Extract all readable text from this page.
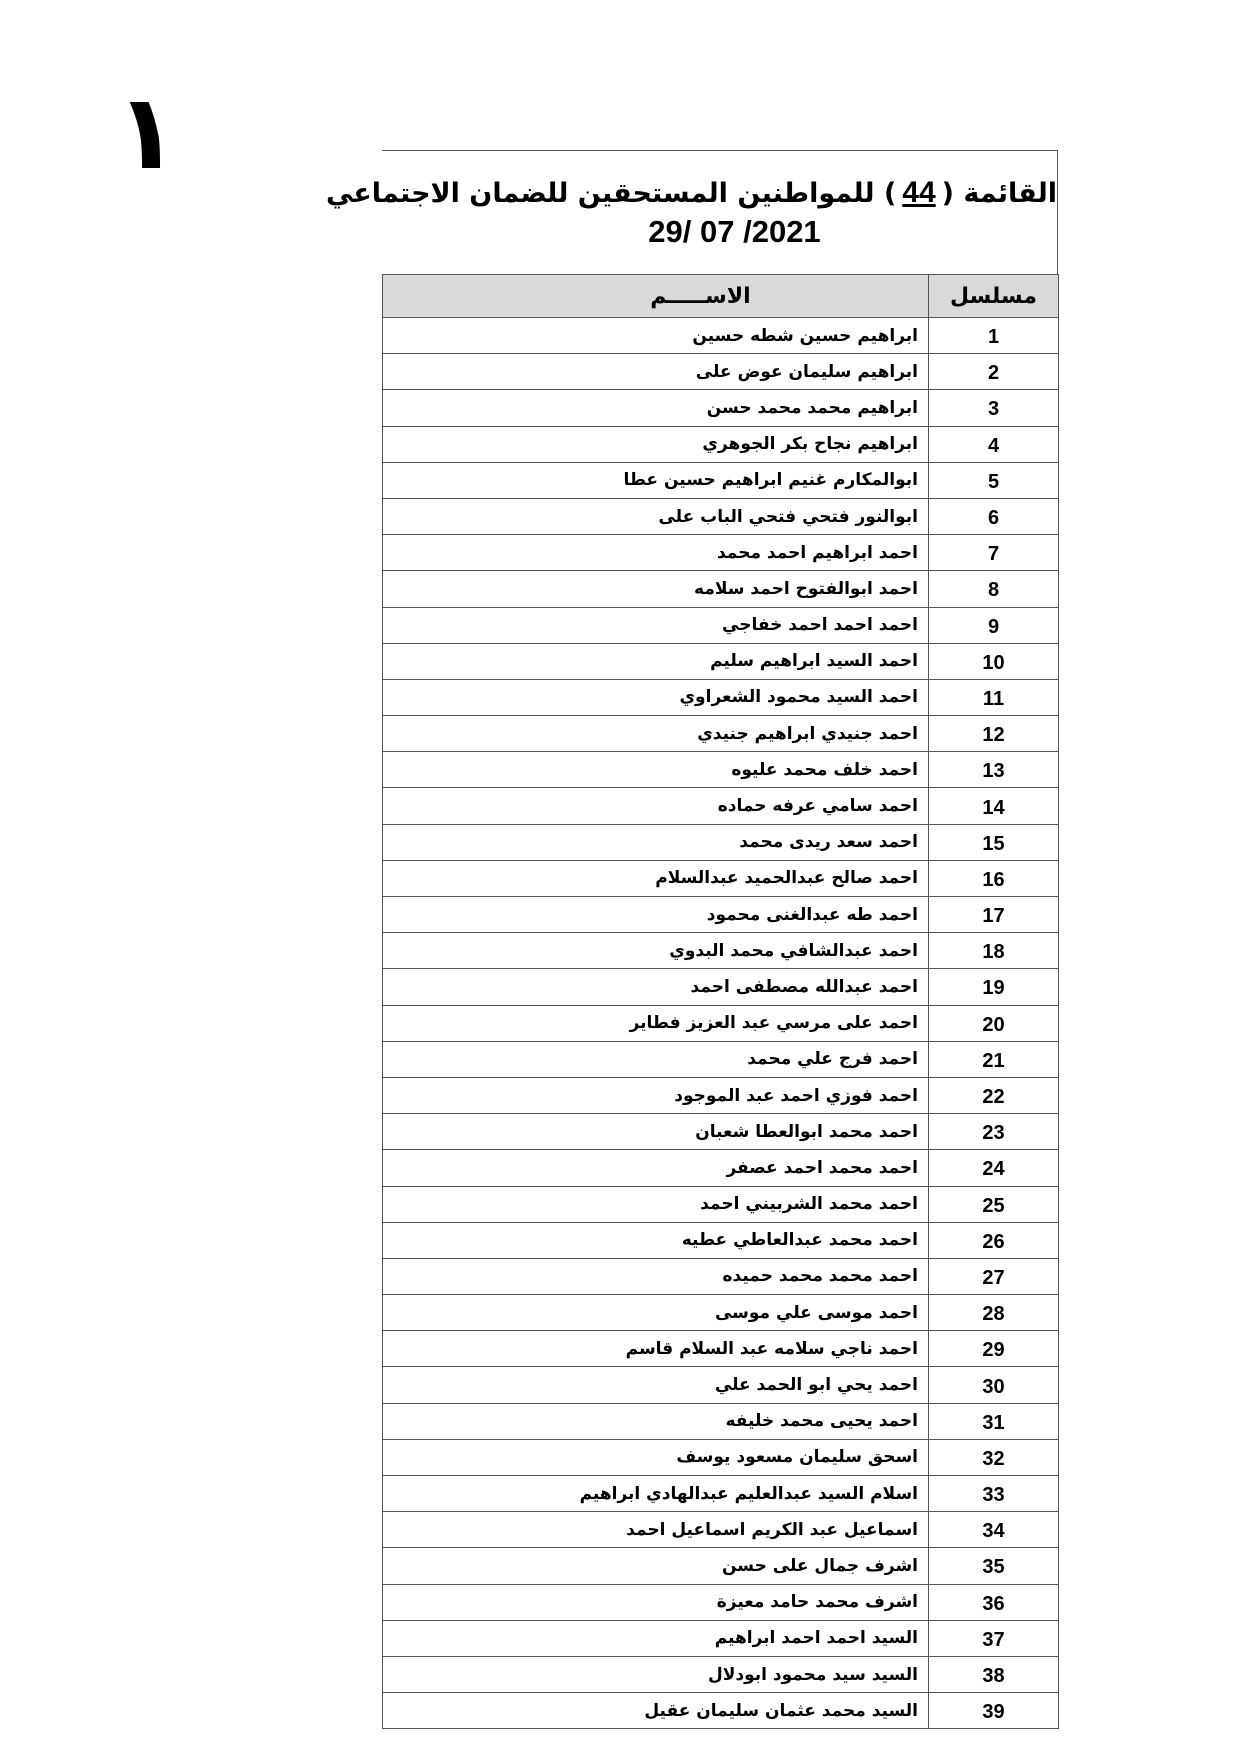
١
القائمة (44) للمواطنين المستحقين للضمان الاجتماعي
29/ 07 /2021
مسلسل	الاســـــم
1	ابراهيم حسين شطه حسين
2	ابراهيم سليمان عوض على
3	ابراهيم محمد محمد حسن
4	ابراهيم نجاح بكر الجوهري
5	ابوالمكارم غنيم ابراهيم حسين عطا
6	ابوالنور فتحي فتحي الباب على
7	احمد ابراهيم احمد محمد
8	احمد ابوالفتوح احمد سلامه
9	احمد احمد احمد خفاجي
10	احمد السيد ابراهيم سليم
11	احمد السيد محمود الشعراوي
12	احمد جنيدي ابراهيم جنيدي
13	احمد خلف محمد عليوه
14	احمد سامي عرفه حماده
15	احمد سعد ريدى محمد
16	احمد صالح عبدالحميد عبدالسلام
17	احمد طه عبدالغنى محمود
18	احمد عبدالشافي محمد البدوي
19	احمد عبدالله مصطفى احمد
20	احمد على مرسي عبد العزيز فطاير
21	احمد فرج علي محمد
22	احمد فوزي احمد عبد الموجود
23	احمد محمد ابوالعطا شعبان
24	احمد محمد احمد عصفر
25	احمد محمد الشربيني احمد
26	احمد محمد عبدالعاطي عطيه
27	احمد محمد محمد حميده
28	احمد موسى علي موسى
29	احمد ناجي سلامه عبد السلام قاسم
30	احمد يحي ابو الحمد علي
31	احمد يحيى محمد خليفه
32	اسحق سليمان مسعود يوسف
33	اسلام السيد عبدالعليم عبدالهادي ابراهيم
34	اسماعيل عبد الكريم اسماعيل احمد
35	اشرف جمال على حسن
36	اشرف محمد حامد معيزة
37	السيد احمد احمد ابراهيم
38	السيد سيد محمود ابودلال
39	السيد محمد عثمان سليمان عقيل
